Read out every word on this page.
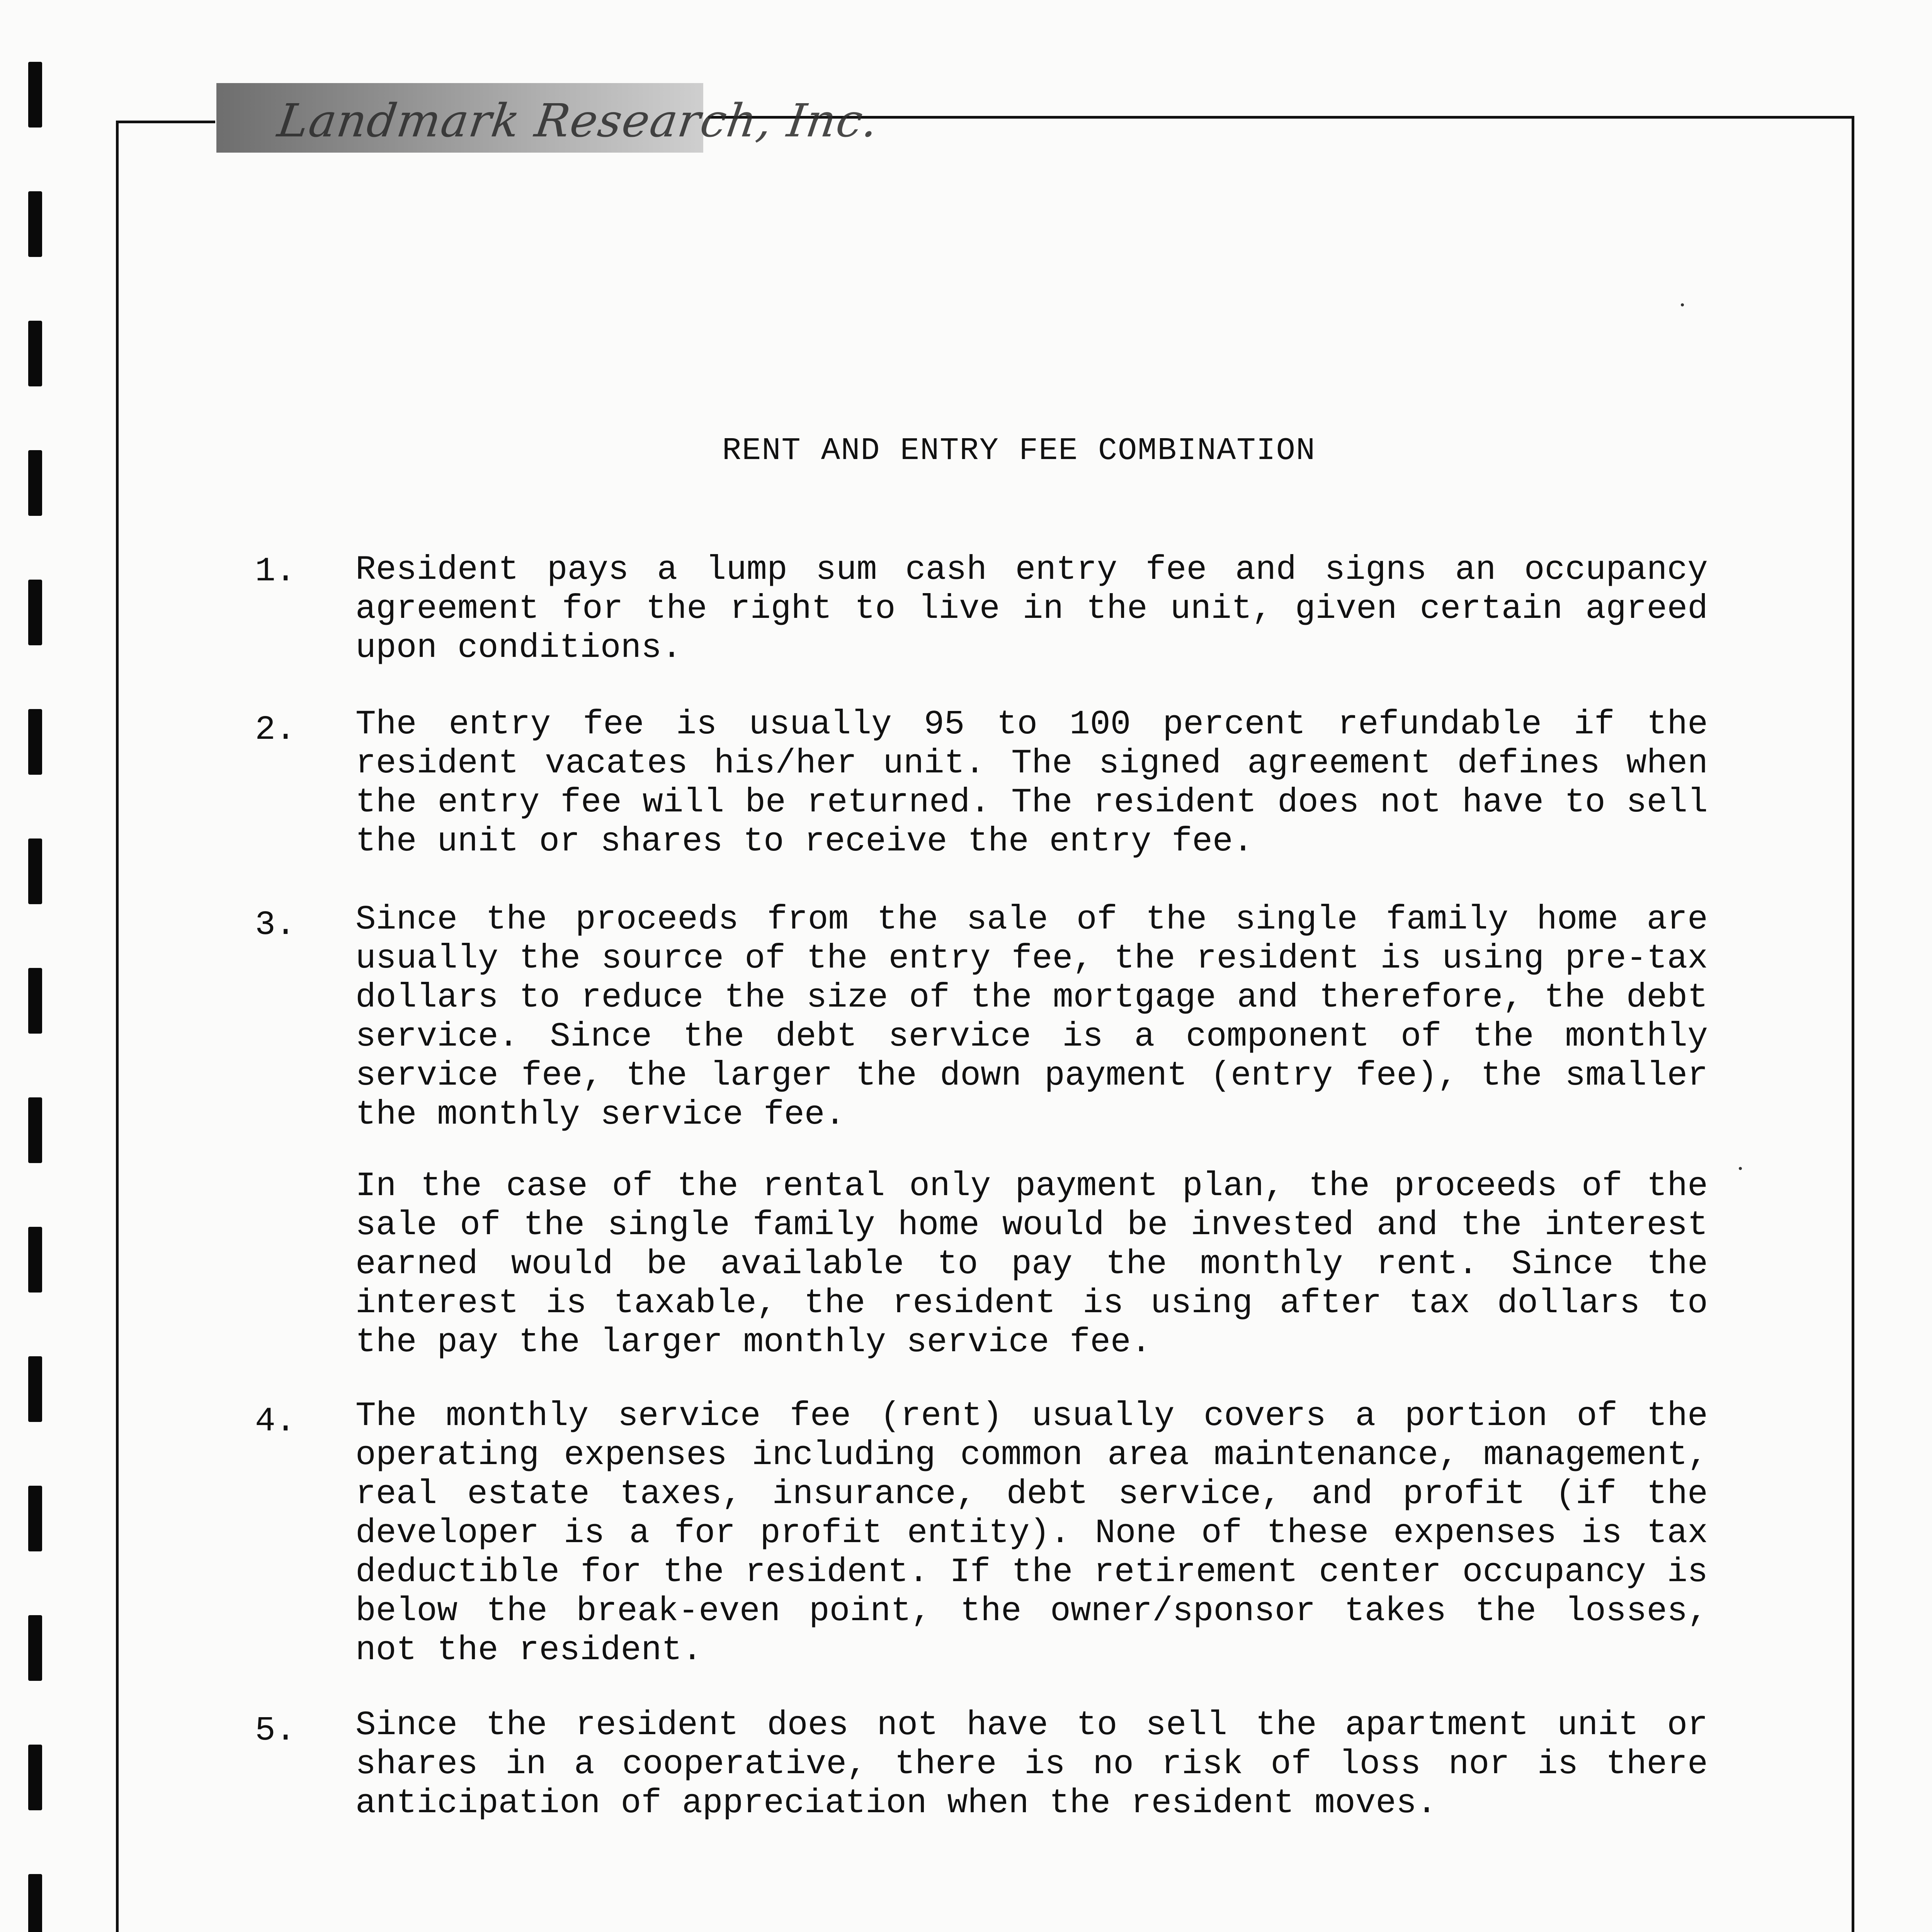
Landmark Research, Inc.
RENT AND ENTRY FEE COMBINATION
1. Resident pays a lump sum cash entry fee and signs an occupancy agreement for the right to live in the unit, given certain agreed upon conditions.
2. The entry fee is usually 95 to 100 percent refundable if the resident vacates his/her unit. The signed agreement defines when the entry fee will be returned. The resident does not have to sell the unit or shares to receive the entry fee.
3. Since the proceeds from the sale of the single family home are usually the source of the entry fee, the resident is using pre-tax dollars to reduce the size of the mortgage and therefore, the debt service. Since the debt service is a component of the monthly service fee, the larger the down payment (entry fee), the smaller the monthly service fee.
In the case of the rental only payment plan, the proceeds of the sale of the single family home would be invested and the interest earned would be available to pay the monthly rent. Since the interest is taxable, the resident is using after tax dollars to the pay the larger monthly service fee.
4. The monthly service fee (rent) usually covers a portion of the operating expenses including common area maintenance, management, real estate taxes, insurance, debt service, and profit (if the developer is a for profit entity). None of these expenses is tax deductible for the resident. If the retirement center occupancy is below the break-even point, the owner/sponsor takes the losses, not the resident.
5. Since the resident does not have to sell the apartment unit or shares in a cooperative, there is no risk of loss nor is there anticipation of appreciation when the resident moves.
